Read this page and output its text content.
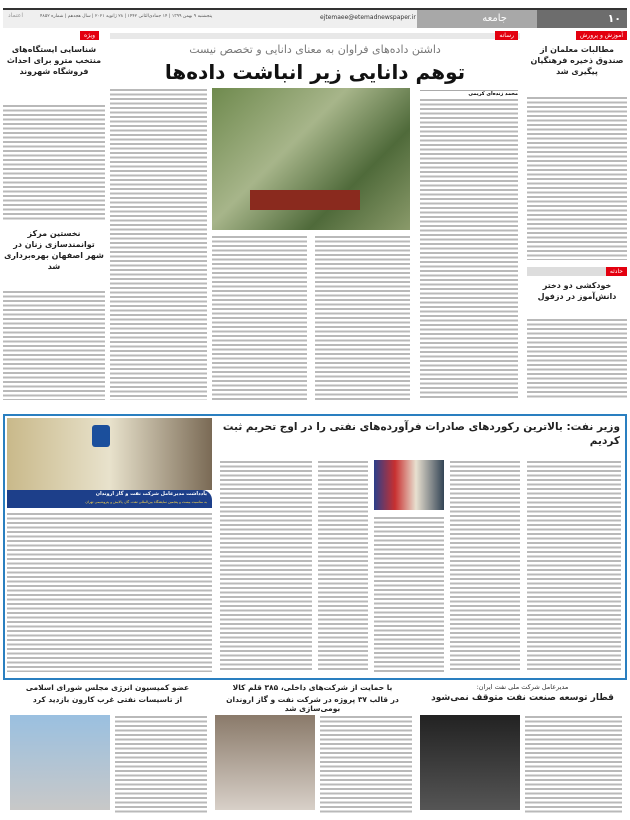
۱۰
جامعه
ejtemaee@etemadnewspaper.ir
پنجشنبه ۹ بهمن ۱۳۹۹ | ۱۴ جمادی‌الثانی ۱۴۴۲ | ۲۸ ژانویه ۲۰۲۱ | سال هجدهم | شماره ۴۸۵۲
اعتماد
آموزش و پرورش
مطالبات معلمان از صندوق ذخیره فرهنگیان پیگیری شد
حادثه
خودکشی دو دختر دانش‌آموز در دزفول
رسانه
داشتن داده‌های فراوان به معنای دانایی و تخصص نیست
توهم دانایی زیر انباشت داده‌ها
محمد زنده‌ای کریمی
ویژه
شناسایی ایستگاه‌های منتخب مترو برای احداث فروشگاه شهروند
نخستین مرکز توانمندسازی زنان در شهر اصفهان بهره‌برداری شد
وزیر نفت: بالاترین رکوردهای صادرات فرآورده‌های نفتی را در اوج تحریم ثبت کردیم
یادداشت مدیرعامل شرکت نفت و گاز اروندان
به مناسبت بیست و پنجمین نمایشگاه بین‌المللی نفت، گاز، پالایش و پتروشیمی تهران
مدیرعامل شرکت ملی نفت ایران:
قطار توسعه صنعت نفت متوقف نمی‌شود
با حمایت از شرکت‌های داخلی، ۳۸۵ قلم کالا
در قالب ۳۷ پروژه در شرکت نفت و گاز اروندان بومی‌سازی شد
عضو کمیسیون انرژی مجلس شورای اسلامی
از تاسیسات نفتی غرب کارون بازدید کرد
